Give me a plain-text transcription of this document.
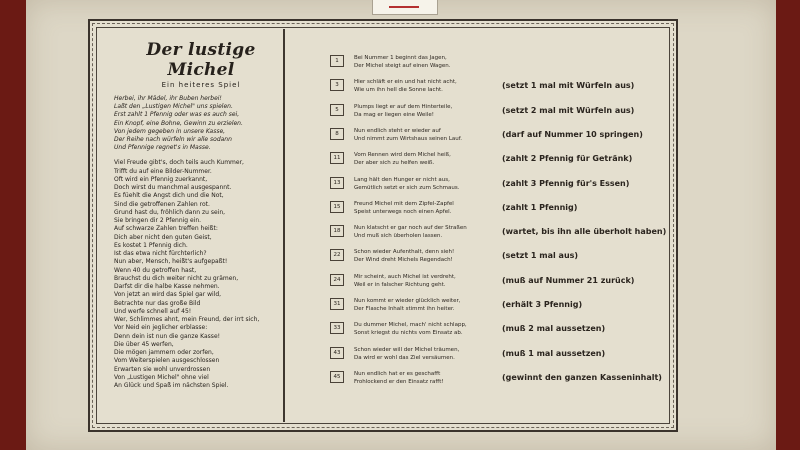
Der lustige Michel
Ein heiteres Spiel
Herbei, ihr Mädel, ihr Buben herbei!
Laßt den „Lustigen Michel" uns spielen.
Erst zahlt 1 Pfennig oder was es auch sei,
Ein Knopf, eine Bohne, Gewinn zu erzielen.
Von jedem gegeben in unsere Kasse,
Der Reihe nach würfeln wir alle sodann
Und Pfennige regnet's in Masse.
Viel Freude gibt's, doch teils auch Kummer,
Trifft du auf eine Bilder-Nummer.
Oft wird ein Pfennig zuerkannt,
Doch wirst du manchmal ausgespannt.
Es füehlt die Angst dich und die Not,
Sind die getroffenen Zahlen rot.
Grund hast du, fröhlich dann zu sein,
Sie bringen dir 2 Pfennig ein.
Auf schwarze Zahlen treffen heißt:
Dich aber nicht den guten Geist,
Es kostet 1 Pfennig dich.
Ist das etwa nicht fürchterlich?
Nun aber, Mensch, heißt's aufgepaßt!
Wenn 40 du getroffen hast,
Brauchst du dich weiter nicht zu grämen,
Darfst dir die halbe Kasse nehmen.
Von jetzt an wird das Spiel gar wild,
Betrachte nur das große Bild
Und werfe schnell auf 45!
Wer, Schlimmes ahnt, mein Freund, der irrt sich,
Vor Neid ein jeglicher erblasse:
Denn dein ist nun die ganze Kasse!
Die über 45 werfen,
Die mögen jammern oder zorfen,
Vom Weiterspielen ausgeschlossen
Erwarten sie wohl unverdrossen
Von „Lustigen Michel" ohne viel
An Glück und Spaß im nächsten Spiel.
1	Bei Nummer 1 beginnt das Jagen,
Der Michel steigt auf einen Wagen.
3	Hier schläft er ein und hat nicht acht,
Wie um ihn hell die Sonne lacht.	(setzt 1 mal mit Würfeln aus)
5	Plumps liegt er auf dem Hinterteile,
Da mag er liegen eine Weile!	(setzt 2 mal mit Würfeln aus)
8	Nun endlich steht er wieder auf
Und nimmt zum Wirtshaus seinen Lauf.	(darf auf Nummer 10 springen)
11	Vom Rennen wird dem Michel heiß,
Der aber sich zu helfen weiß.	(zahlt 2 Pfennig für Getränk)
13	Lang hält den Hunger er nicht aus,
Gemütlich setzt er sich zum Schmaus.	(zahlt 3 Pfennig für's Essen)
15	Freund Michel mit dem Zipfel-Zapfel
Speist unterwegs noch einen Apfel.	(zahlt 1 Pfennig)
18	Nun klatscht er gar noch auf der Straßen
Und muß sich überholen lassen.	(wartet, bis ihn alle überholt haben)
22	Schon wieder Aufenthalt, denn sieh!
Der Wind dreht Michels Regendach!	(setzt 1 mal aus)
24	Mir scheint, auch Michel ist verdreht,
Weil er in falscher Richtung geht.	(muß auf Nummer 21 zurück)
31	Nun kommt er wieder glücklich weiter,
Der Flasche Inhalt stimmt ihn heiter.	(erhält 3 Pfennig)
33	Du dummer Michel, mach' nicht schlapp,
Sonst kriegst du nichts vom Einsatz ab.	(muß 2 mal aussetzen)
43	Schon wieder will der Michel träumen,
Da wird er wohl das Ziel versäumen.	(muß 1 mal aussetzen)
45	Nun endlich hat er es geschafft
Frohlockend er den Einsatz rafft!	(gewinnt den ganzen Kasseninhalt)
